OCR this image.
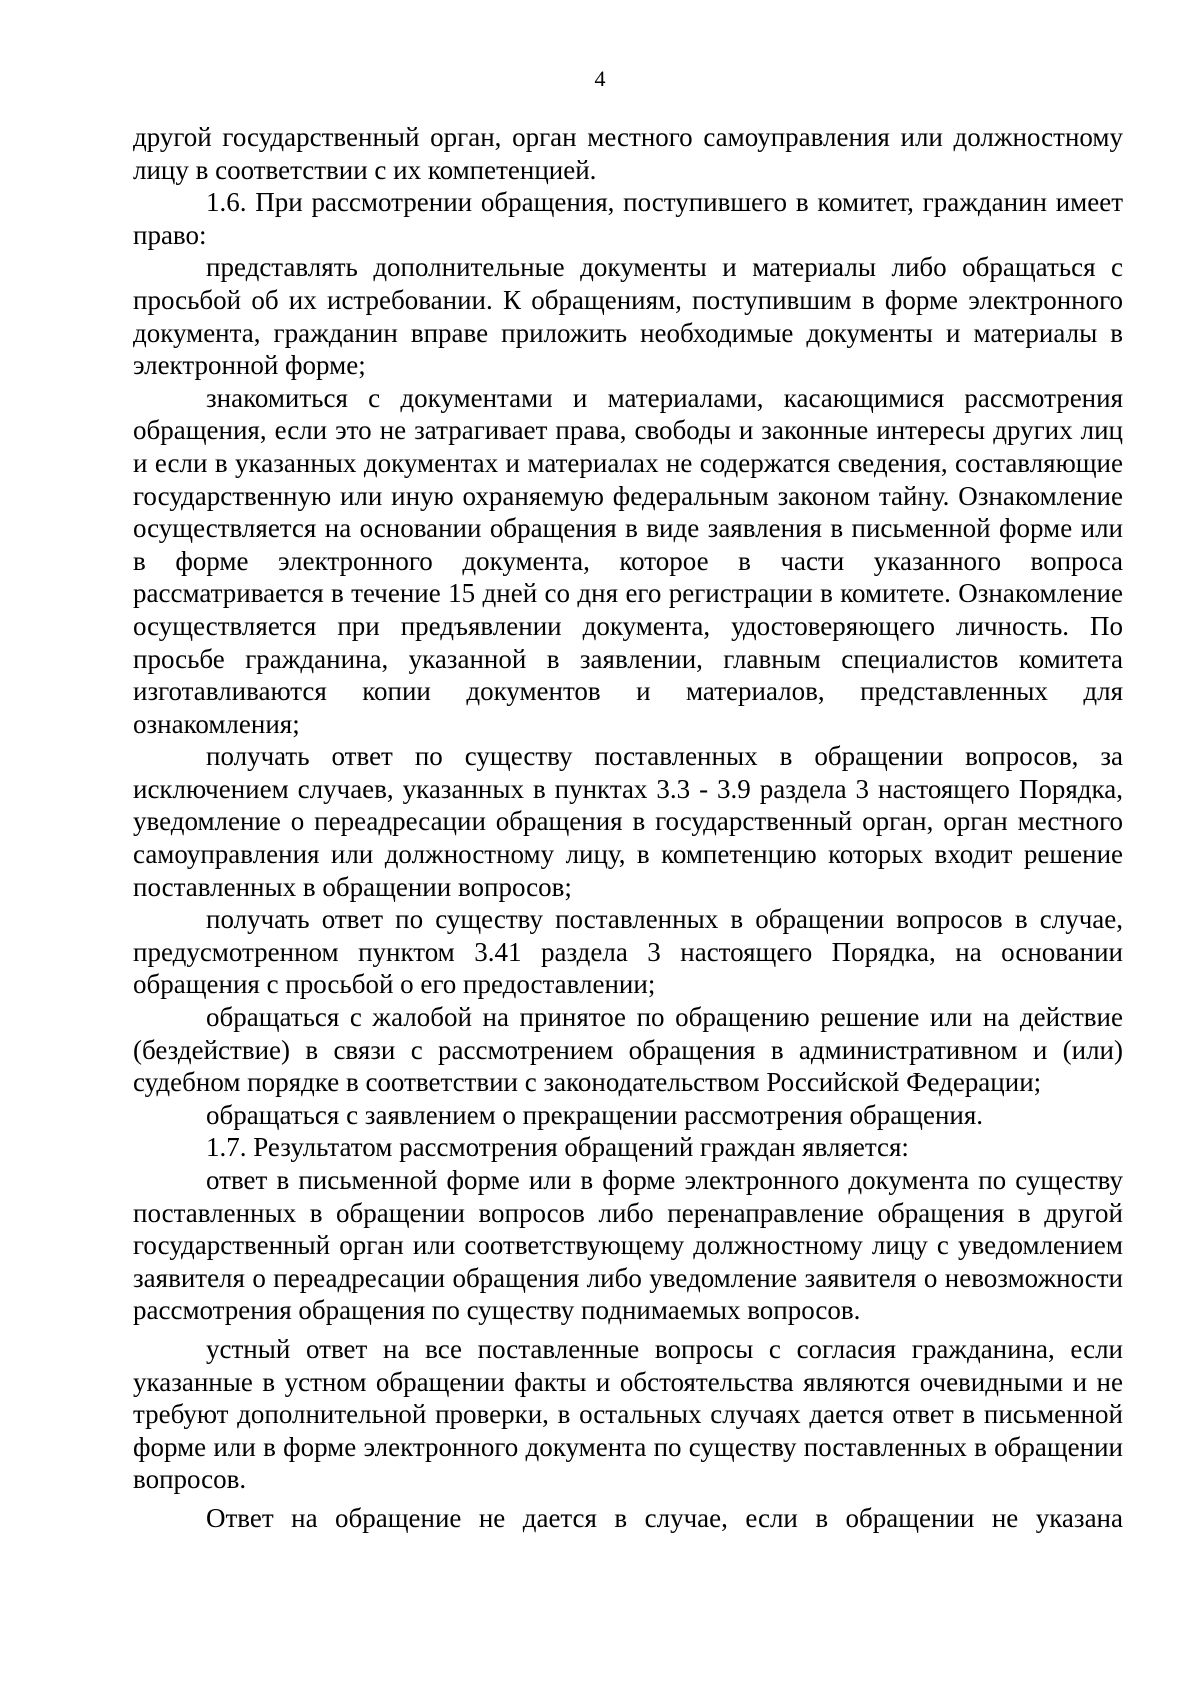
4

другой государственный орган, орган местного самоуправления или должностному лицу в соответствии с их компетенцией.

1.6. При рассмотрении обращения, поступившего в комитет, гражданин имеет право:

представлять дополнительные документы и материалы либо обращаться с просьбой об их истребовании. К обращениям, поступившим в форме электронного документа, гражданин вправе приложить необходимые документы и материалы в электронной форме;

знакомиться с документами и материалами, касающимися рассмотрения обращения, если это не затрагивает права, свободы и законные интересы других лиц и если в указанных документах и материалах не содержатся сведения, составляющие государственную или иную охраняемую федеральным законом тайну. Ознакомление осуществляется на основании обращения в виде заявления в письменной форме или в форме электронного документа, которое в части указанного вопроса рассматривается в течение 15 дней со дня его регистрации в комитете. Ознакомление осуществляется при предъявлении документа, удостоверяющего личность. По просьбе гражданина, указанной в заявлении, главным специалистов комитета изготавливаются копии документов и материалов, представленных для ознакомления;

получать ответ по существу поставленных в обращении вопросов, за исключением случаев, указанных в пунктах 3.3 - 3.9 раздела 3 настоящего Порядка, уведомление о переадресации обращения в государственный орган, орган местного самоуправления или должностному лицу, в компетенцию которых входит решение поставленных в обращении вопросов;

получать ответ по существу поставленных в обращении вопросов в случае, предусмотренном пунктом 3.41 раздела 3 настоящего Порядка, на основании обращения с просьбой о его предоставлении;

обращаться с жалобой на принятое по обращению решение или на действие (бездействие) в связи с рассмотрением обращения в административном и (или) судебном порядке в соответствии с законодательством Российской Федерации;

обращаться с заявлением о прекращении рассмотрения обращения.

1.7. Результатом рассмотрения обращений граждан является:

ответ в письменной форме или в форме электронного документа по существу поставленных в обращении вопросов либо перенаправление обращения в другой государственный орган или соответствующему должностному лицу с уведомлением заявителя о переадресации обращения либо уведомление заявителя о невозможности рассмотрения обращения по существу поднимаемых вопросов.

устный ответ на все поставленные вопросы с согласия гражданина, если указанные в устном обращении факты и обстоятельства являются очевидными и не требуют дополнительной проверки, в остальных случаях дается ответ в письменной форме или в форме электронного документа по существу поставленных в обращении вопросов.

Ответ на обращение не дается в случае, если в обращении не указана
